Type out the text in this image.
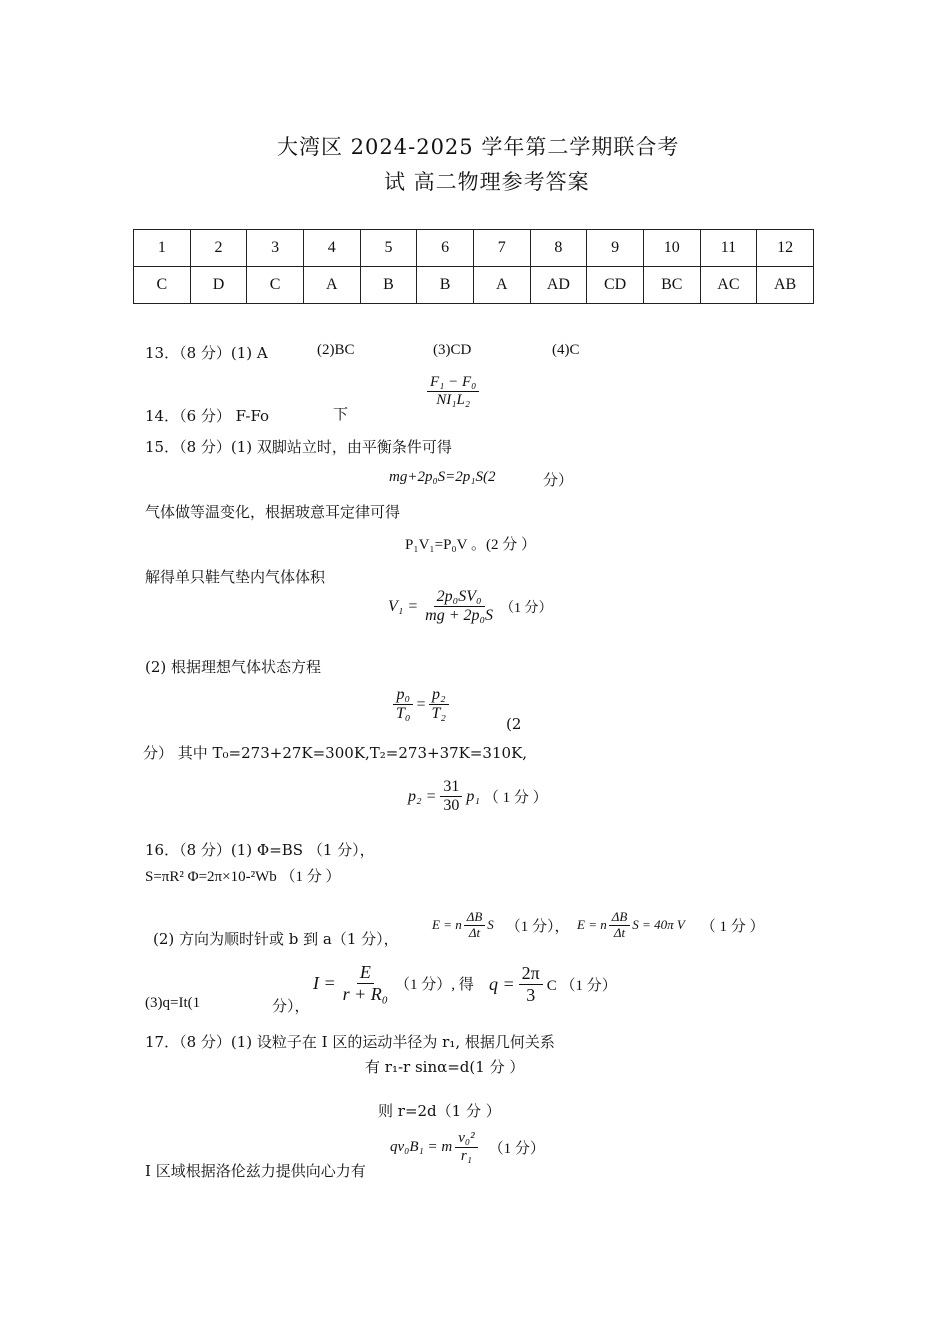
大湾区 2024-2025 学年第二学期联合考
试 高二物理参考答案
1	2	3	4	5	6	7	8	9	10	11	12
C	D	C	A	B	B	A	AD	CD	BC	AC	AB
13．（8 分）(1) A	(2)BC	(3)CD	(4)C
14．（6 分） F-Fo	下
$\frac{\text{F₁ − F₀}}{\text{NI₁L₂}}$
15．（8 分）(1) 双脚站立时，由平衡条件可得
mg+2p₀S=2p₁S(2	分）
气体做等温变化，根据玻意耳定律可得
P₁V₁=P₀V 。(2 分 ）
解得单只鞋气垫内气体体积
$V_1 = \frac{\text{2p₀SV₀}}{\text{mg + 2p₀S}} (1$ 分）
(2) 根据理想气体状态方程
$\frac{\text{p₀}}{\text{T₀}} = \frac{\text{p₂}}{\text{T₂}}$
(2
分） 其中 T₀=273+27K=300K,T₂=273+37K=310K,
$p_2 = \frac{31}{30} p_1$ （ 1 分 ）
16．（8 分）(1) Φ=BS （1 分），
S=πR² Φ=2π×10-²Wb （1 分 ）
(2) 方向为顺时针或 b 到 a（1 分），
E = n $\frac{\Delta B}{\Delta t}$ S （1 分）， E = n $\frac{\Delta B}{\Delta t}$ S = 40π V （ 1 分 ）
(3)q=It(1	分），
$I = \frac{E}{\text{r + R₀}} (1$ 分）, 得 $q = \frac{2\pi}{3}$ C （1 分）
17．（8 分）(1) 设粒子在 I 区的运动半径为 r₁, 根据几何关系
有 r₁-r sinα=d(1 分 ）
则 r=2d（1 分 ）
I 区域根据洛伦兹力提供向心力有
qv₀B₁ = m $\frac{\text{v₀²}}{\text{r₁}} (1$ 分）
